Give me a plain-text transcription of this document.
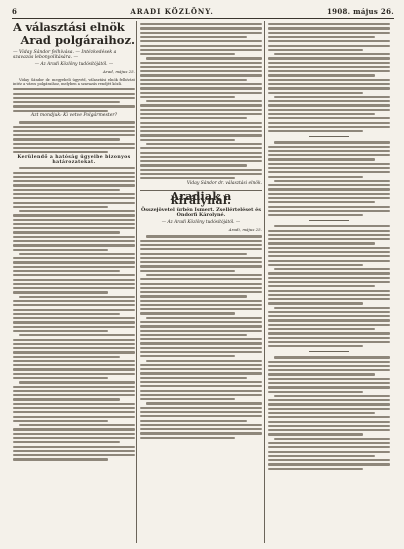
6	ARADI KÖZLÖNY.	1908. május 26.
A választási elnök
Arad polgáraihoz.
— Viday Sándor felhívása. — Intézkedések a szavazás lebonyolítására. —
— Az Aradi Közlöny tudósítójától. —
Arad, május 25.

Viday Sándor dr. megyebeli ügyvéd, választási elnök felhívást intéz a város polgáraihoz, melyben a szavazás rendjét közli.

Azt mondjuk: Ki vetve Polgármester?
Kerülendő a hatóság ügyeibe bizonyos határozatokat.
Viday Sándor dr. választási elnök.
Aradiak a királynál.
Összejövetel ürbén Ismert. Zsellérteléset és Ondorfi Károlyné.
— Az Aradi Közlöny tudósítójától. —
Aradi, május 25.
